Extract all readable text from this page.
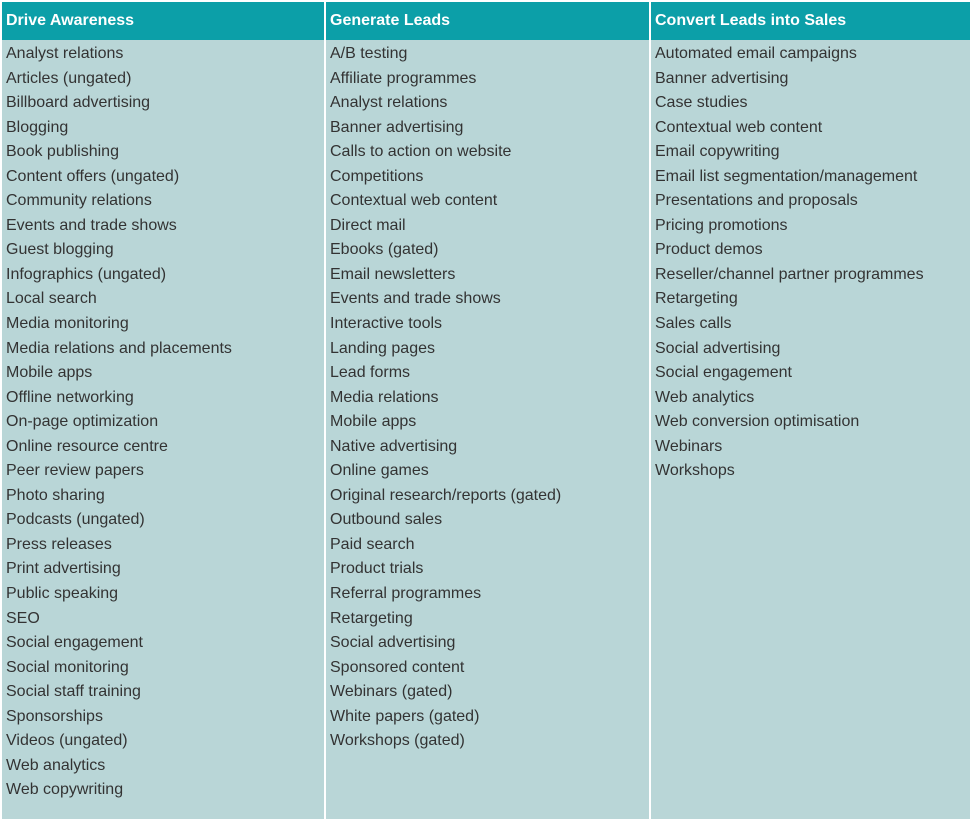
Drive Awareness
Analyst relations
Articles (ungated)
Billboard advertising
Blogging
Book publishing
Content offers (ungated)
Community relations
Events and trade shows
Guest blogging
Infographics (ungated)
Local search
Media monitoring
Media relations and placements
Mobile apps
Offline networking
On-page optimization
Online resource centre
Peer review papers
Photo sharing
Podcasts (ungated)
Press releases
Print advertising
Public speaking
SEO
Social engagement
Social monitoring
Social staff training
Sponsorships
Videos (ungated)
Web analytics
Web copywriting
Generate Leads
A/B testing
Affiliate programmes
Analyst relations
Banner advertising
Calls to action on website
Competitions
Contextual web content
Direct mail
Ebooks (gated)
Email newsletters
Events and trade shows
Interactive tools
Landing pages
Lead forms
Media relations
Mobile apps
Native advertising
Online games
Original research/reports (gated)
Outbound sales
Paid search
Product trials
Referral programmes
Retargeting
Social advertising
Sponsored content
Webinars (gated)
White papers (gated)
Workshops (gated)
Convert Leads into Sales
Automated email campaigns
Banner advertising
Case studies
Contextual web content
Email copywriting
Email list segmentation/management
Presentations and proposals
Pricing promotions
Product demos
Reseller/channel partner programmes
Retargeting
Sales calls
Social advertising
Social engagement
Web analytics
Web conversion optimisation
Webinars
Workshops
